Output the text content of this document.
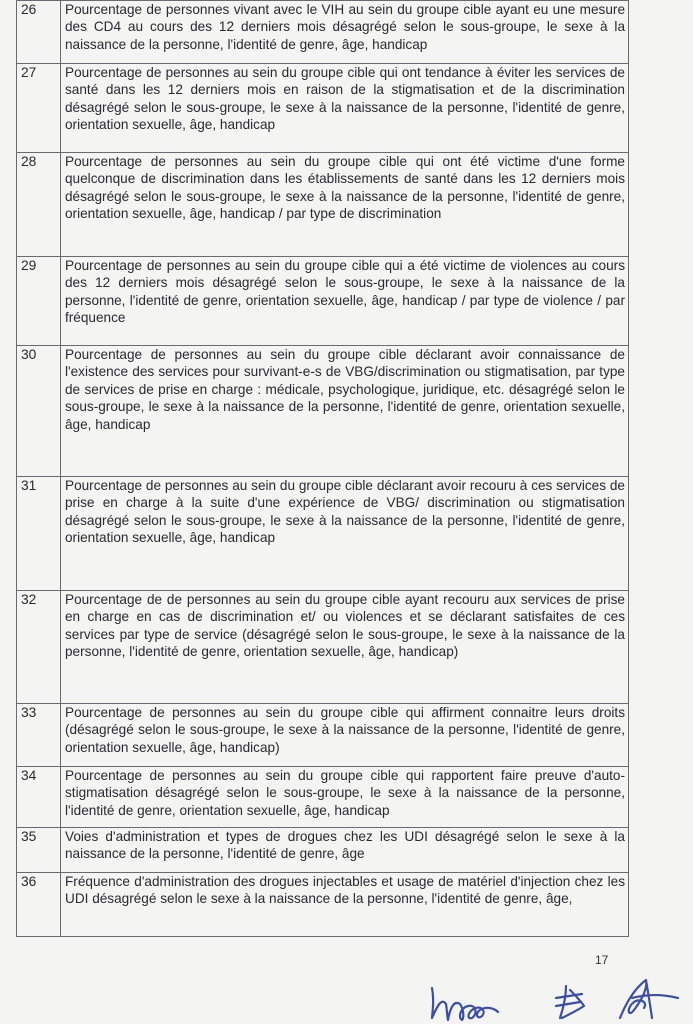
26	Pourcentage de personnes vivant avec le VIH au sein du groupe cible ayant eu une mesure des CD4 au cours des 12 derniers mois désagrégé selon le sous-groupe, le sexe à la naissance de la personne, l'identité de genre, âge, handicap
27	Pourcentage de personnes au sein du groupe cible qui ont tendance à éviter les services de santé dans les 12 derniers mois en raison de la stigmatisation et de la discrimination désagrégé selon le sous-groupe, le sexe à la naissance de la personne, l'identité de genre, orientation sexuelle, âge, handicap
28	Pourcentage de personnes au sein du groupe cible qui ont été victime d'une forme quelconque de discrimination dans les établissements de santé dans les 12 derniers mois désagrégé selon le sous-groupe, le sexe à la naissance de la personne, l'identité de genre, orientation sexuelle, âge, handicap / par type de discrimination
29	Pourcentage de personnes au sein du groupe cible qui a été victime de violences au cours des 12 derniers mois désagrégé selon le sous-groupe, le sexe à la naissance de la personne, l'identité de genre, orientation sexuelle, âge, handicap / par type de violence / par fréquence
30	Pourcentage de personnes au sein du groupe cible déclarant avoir connaissance de l'existence des services pour survivant-e-s de VBG/discrimination ou stigmatisation, par type de services de prise en charge : médicale, psychologique, juridique, etc. désagrégé selon le sous-groupe, le sexe à la naissance de la personne, l'identité de genre, orientation sexuelle, âge, handicap
31	Pourcentage de personnes au sein du groupe cible déclarant avoir recouru à ces services de prise en charge à la suite d'une expérience de VBG/ discrimination ou stigmatisation désagrégé selon le sous-groupe, le sexe à la naissance de la personne, l'identité de genre, orientation sexuelle, âge, handicap
32	Pourcentage de de personnes au sein du groupe cible ayant recouru aux services de prise en charge en cas de discrimination et/ ou violences et se déclarant satisfaites de ces services par type de service (désagrégé selon le sous-groupe, le sexe à la naissance de la personne, l'identité de genre, orientation sexuelle, âge, handicap)
33	Pourcentage de personnes au sein du groupe cible qui affirment connaitre leurs droits (désagrégé selon le sous-groupe, le sexe à la naissance de la personne, l'identité de genre, orientation sexuelle, âge, handicap)
34	Pourcentage de personnes au sein du groupe cible qui rapportent faire preuve d'auto-stigmatisation désagrégé selon le sous-groupe, le sexe à la naissance de la personne, l'identité de genre, orientation sexuelle, âge, handicap
35	Voies d'administration et types de drogues chez les UDI désagrégé selon le sexe à la naissance de la personne, l'identité de genre, âge
36	Fréquence d'administration des drogues injectables et usage de matériel d'injection chez les UDI désagrégé selon le sexe à la naissance de la personne, l'identité de genre, âge,
17
